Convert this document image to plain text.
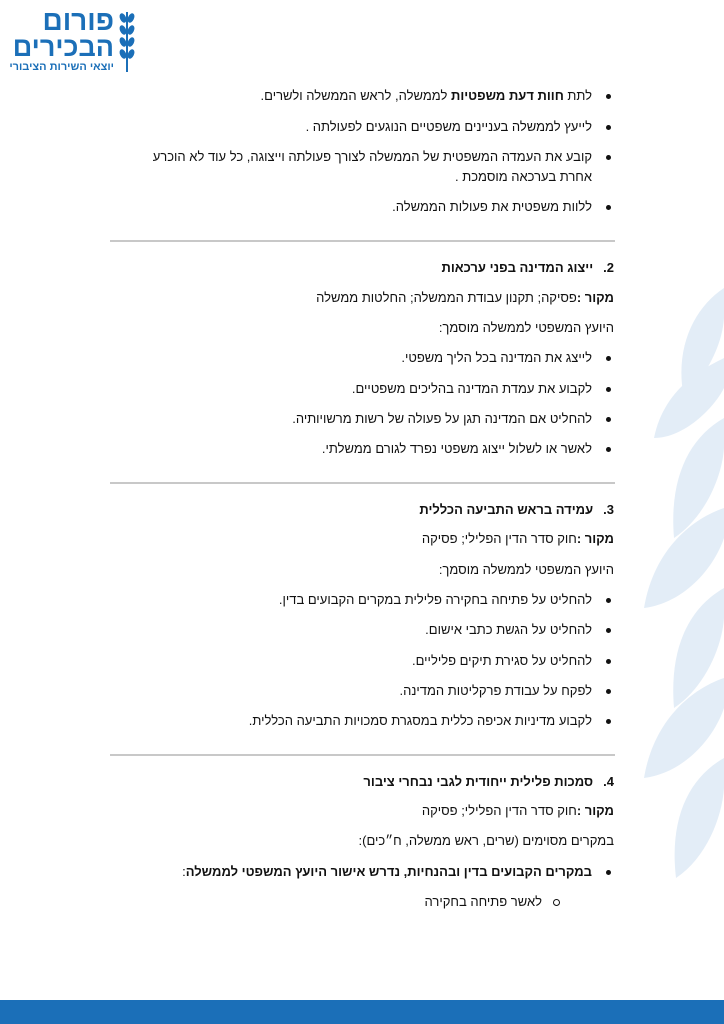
פורום
הבכירים
יוצאי השירות הציבורי
לתת חוות דעת משפטיות לממשלה, לראש הממשלה ולשרים.
לייעץ לממשלה בעניינים משפטיים הנוגעים לפעולתה .
קובע את העמדה המשפטית של הממשלה לצורך פעולתה וייצוגה, כל עוד לא הוכרע
אחרת בערכאה מוסמכת .
ללוות משפטית את פעולות הממשלה.
2.ייצוג המדינה בפני ערכאות
מקור :פסיקה; תקנון עבודת הממשלה; החלטות ממשלה
היועץ המשפטי לממשלה מוסמך:
לייצג את המדינה בכל הליך משפטי.
לקבוע את עמדת המדינה בהליכים משפטיים.
להחליט אם המדינה תגן על פעולה של רשות מרשויותיה.
לאשר או לשלול ייצוג משפטי נפרד לגורם ממשלתי.
3.עמידה בראש התביעה הכללית
מקור :חוק סדר הדין הפלילי; פסיקה
היועץ המשפטי לממשלה מוסמך:
להחליט על פתיחה בחקירה פלילית במקרים הקבועים בדין.
להחליט על הגשת כתבי אישום.
להחליט על סגירת תיקים פליליים.
לפקח על עבודת פרקליטות המדינה.
לקבוע מדיניות אכיפה כללית במסגרת סמכויות התביעה הכללית.
4.סמכות פלילית ייחודית לגבי נבחרי ציבור
מקור :חוק סדר הדין הפלילי; פסיקה
במקרים מסוימים (שרים, ראש ממשלה, ח״כים):
במקרים הקבועים בדין ובהנחיות, נדרש אישור היועץ המשפטי לממשלה:
לאשר פתיחה בחקירה
